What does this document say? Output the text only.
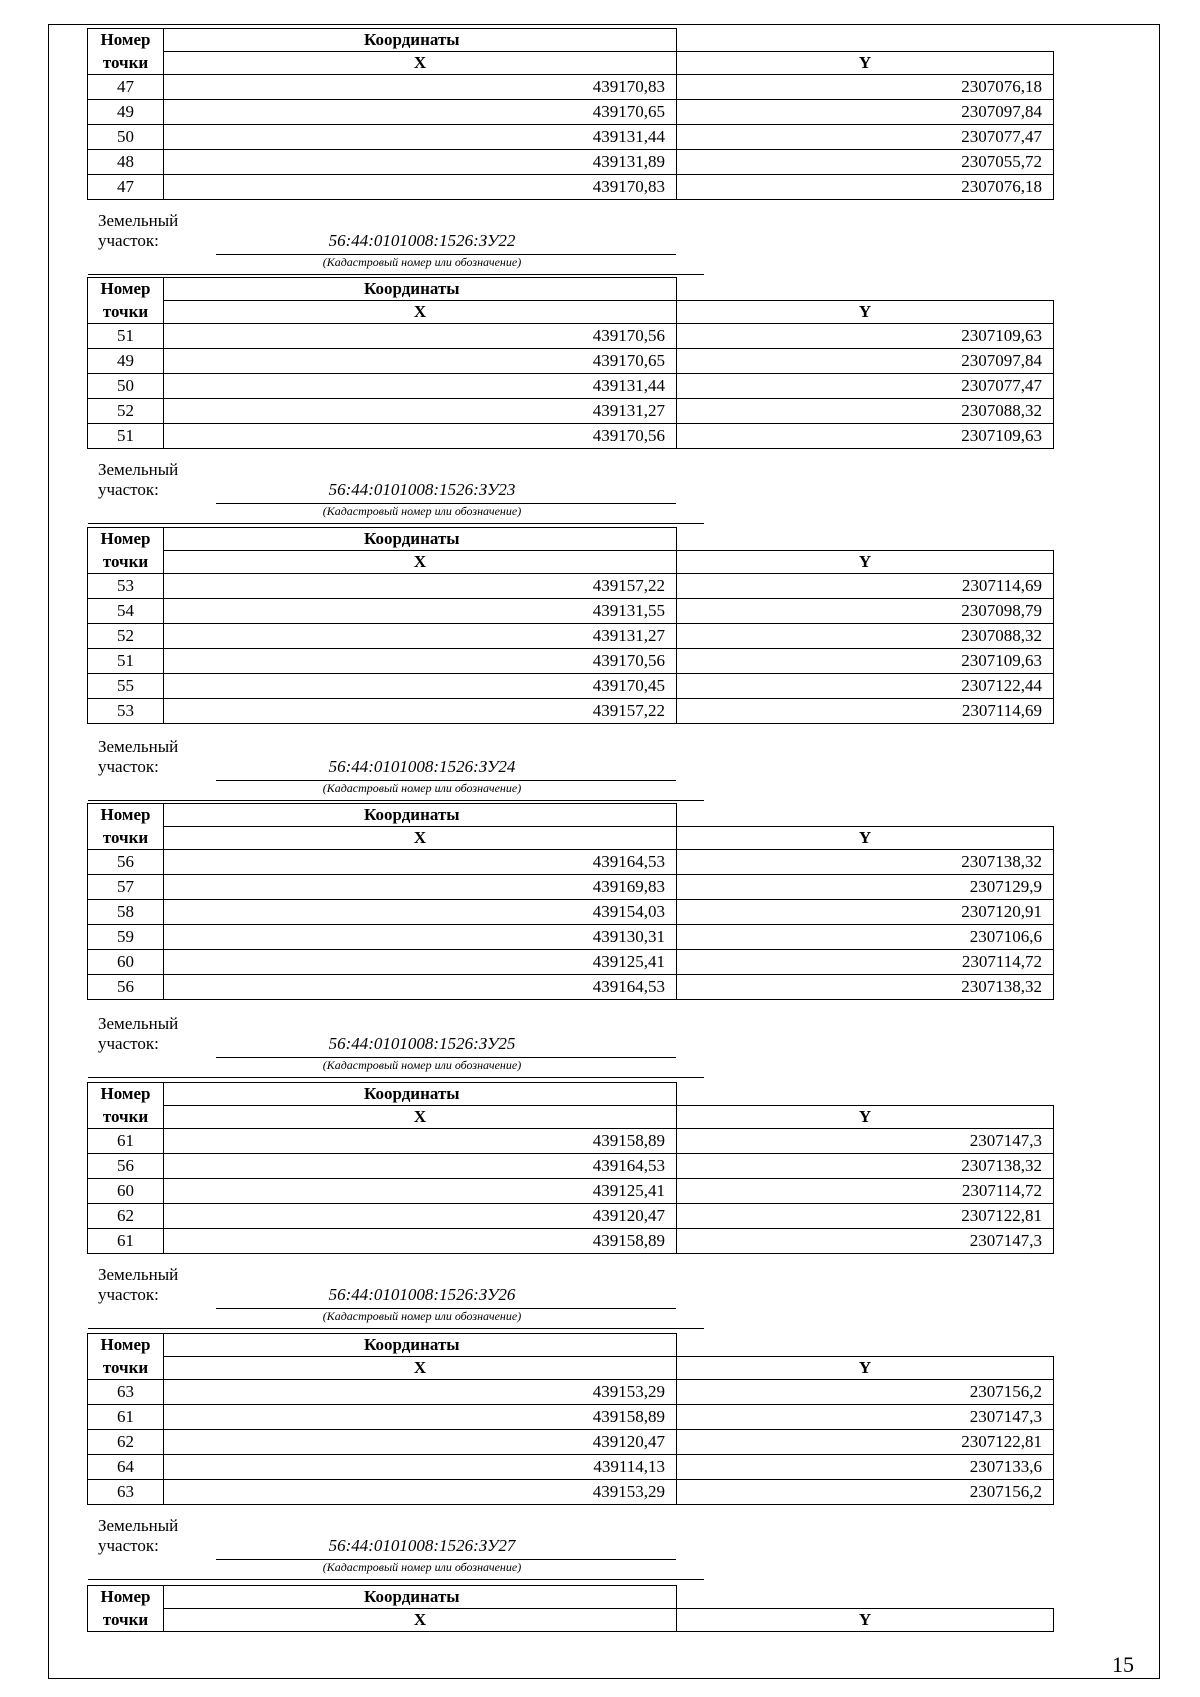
Номер	Координаты	
точки	X	Y
47	439170,83	2307076,18
49	439170,65	2307097,84
50	439131,44	2307077,47
48	439131,89	2307055,72
47	439170,83	2307076,18
Земельный
участок:	56:44:0101008:1526:ЗУ22
(Кадастровый номер или обозначение)
Номер	Координаты	
точки	X	Y
51	439170,56	2307109,63
49	439170,65	2307097,84
50	439131,44	2307077,47
52	439131,27	2307088,32
51	439170,56	2307109,63
Земельный
участок:	56:44:0101008:1526:ЗУ23
(Кадастровый номер или обозначение)
Номер	Координаты	
точки	X	Y
53	439157,22	2307114,69
54	439131,55	2307098,79
52	439131,27	2307088,32
51	439170,56	2307109,63
55	439170,45	2307122,44
53	439157,22	2307114,69
Земельный
участок:	56:44:0101008:1526:ЗУ24
(Кадастровый номер или обозначение)
Номер	Координаты	
точки	X	Y
56	439164,53	2307138,32
57	439169,83	2307129,9
58	439154,03	2307120,91
59	439130,31	2307106,6
60	439125,41	2307114,72
56	439164,53	2307138,32
Земельный
участок:	56:44:0101008:1526:ЗУ25
(Кадастровый номер или обозначение)
Номер	Координаты	
точки	X	Y
61	439158,89	2307147,3
56	439164,53	2307138,32
60	439125,41	2307114,72
62	439120,47	2307122,81
61	439158,89	2307147,3
Земельный
участок:	56:44:0101008:1526:ЗУ26
(Кадастровый номер или обозначение)
Номер	Координаты	
точки	X	Y
63	439153,29	2307156,2
61	439158,89	2307147,3
62	439120,47	2307122,81
64	439114,13	2307133,6
63	439153,29	2307156,2
Земельный
участок:	56:44:0101008:1526:ЗУ27
(Кадастровый номер или обозначение)
Номер	Координаты	
точки	X	Y
15
